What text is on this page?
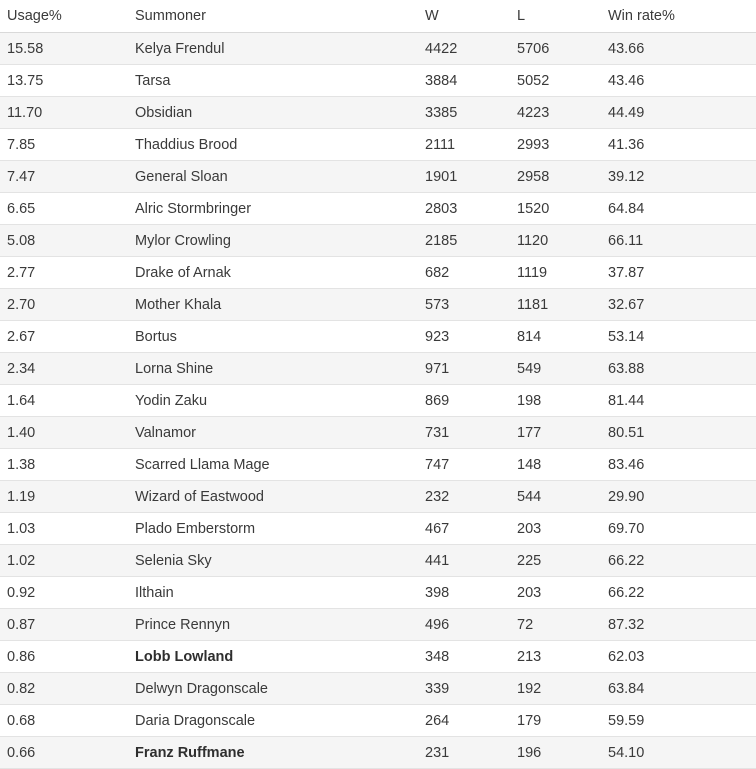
Usage%	Summoner	W	L	Win rate%
15.58	Kelya Frendul	4422	5706	43.66
13.75	Tarsa	3884	5052	43.46
11.70	Obsidian	3385	4223	44.49
7.85	Thaddius Brood	2111	2993	41.36
7.47	General Sloan	1901	2958	39.12
6.65	Alric Stormbringer	2803	1520	64.84
5.08	Mylor Crowling	2185	1120	66.11
2.77	Drake of Arnak	682	1119	37.87
2.70	Mother Khala	573	1181	32.67
2.67	Bortus	923	814	53.14
2.34	Lorna Shine	971	549	63.88
1.64	Yodin Zaku	869	198	81.44
1.40	Valnamor	731	177	80.51
1.38	Scarred Llama Mage	747	148	83.46
1.19	Wizard of Eastwood	232	544	29.90
1.03	Plado Emberstorm	467	203	69.70
1.02	Selenia Sky	441	225	66.22
0.92	Ilthain	398	203	66.22
0.87	Prince Rennyn	496	72	87.32
0.86	Lobb Lowland	348	213	62.03
0.82	Delwyn Dragonscale	339	192	63.84
0.68	Daria Dragonscale	264	179	59.59
0.66	Franz Ruffmane	231	196	54.10
